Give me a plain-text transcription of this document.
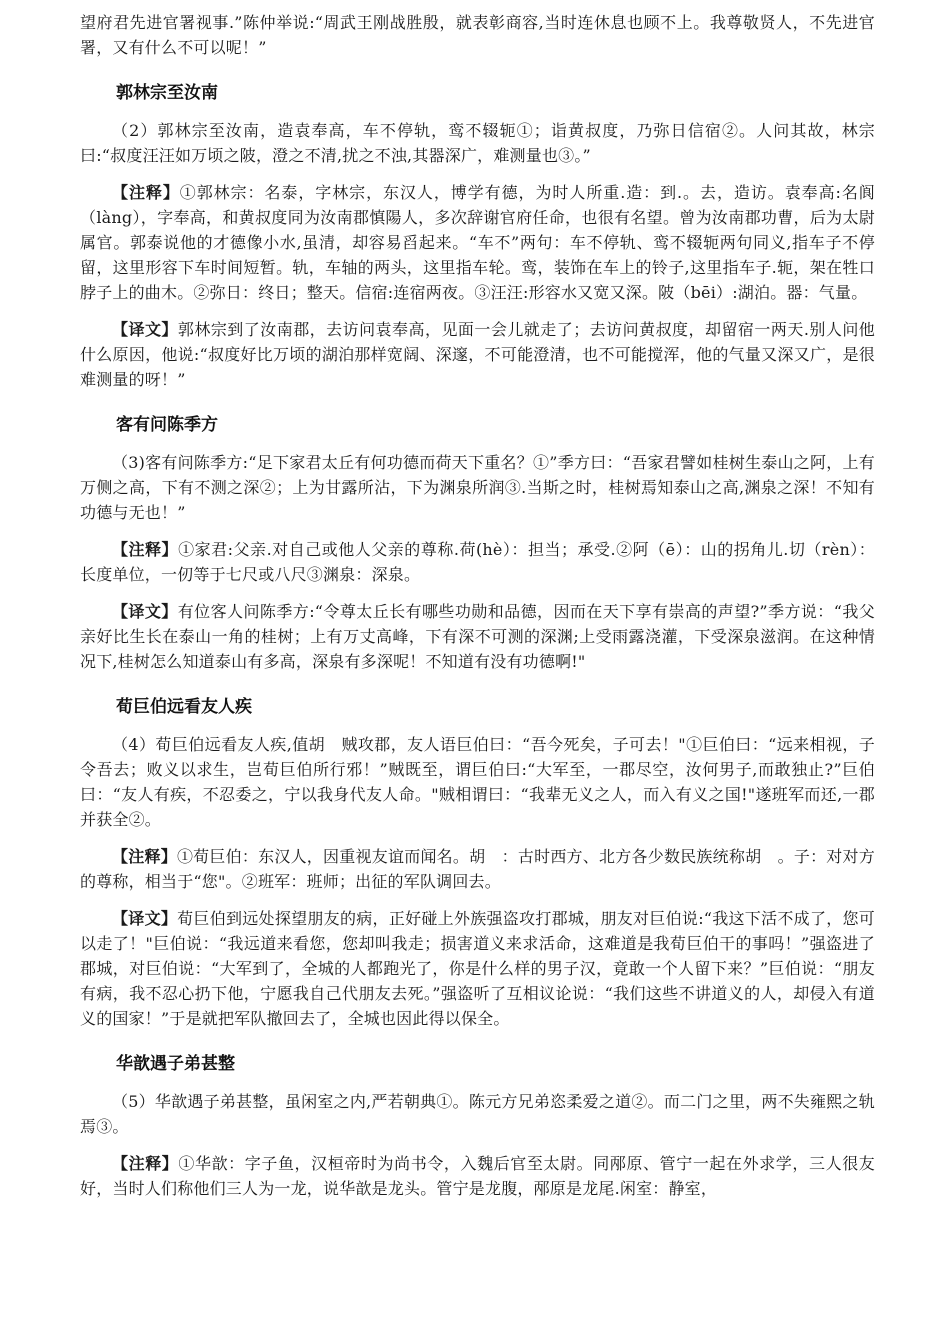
望府君先进官署视事.”陈仲举说:“周武王刚战胜殷，就表彰商容,当时连休息也顾不上。我尊敬贤人，不先进官署，又有什么不可以呢！”

郭林宗至汝南

（2）郭林宗至汝南，造袁奉高，车不停轨，鸾不辍轭①；诣黄叔度，乃弥日信宿②。人问其故，林宗曰:“叔度汪汪如万顷之陂，澄之不清,扰之不浊,其器深广，难测量也③。”

【注释】①郭林宗：名泰，字林宗，东汉人，博学有德，为时人所重.造：到.。去，造访。袁奉高:名阆（làng），字奉高，和黄叔度同为汝南郡慎陽人，多次辞谢官府任命，也很有名望。曾为汝南郡功曹，后为太尉属官。郭泰说他的才德像小水,虽清，却容易舀起来。“车不”两句：车不停轨、鸾不辍轭两句同义,指车子不停留，这里形容下车时间短暂。轨，车轴的两头，这里指车轮。鸾，装饰在车上的铃子,这里指车子.轭，架在牲口脖子上的曲木。②弥日：终日；整天。信宿:连宿两夜。③汪汪:形容水又宽又深。陂（bēi）:湖泊。器：气量。

【译文】郭林宗到了汝南郡，去访问袁奉高，见面一会儿就走了；去访问黄叔度，却留宿一两天.别人问他什么原因，他说:“叔度好比万顷的湖泊那样宽阔、深邃，不可能澄清，也不可能搅浑，他的气量又深又广，是很难测量的呀！”

客有问陈季方

（3)客有问陈季方:“足下家君太丘有何功德而荷天下重名？①”季方曰：“吾家君譬如桂树生泰山之阿，上有万侧之高，下有不测之深②；上为甘露所沾，下为渊泉所润③.当斯之时，桂树焉知泰山之高,渊泉之深！不知有功德与无也！”

【注释】①家君:父亲.对自己或他人父亲的尊称.荷(hè）：担当；承受.②阿（ē）：山的拐角儿.切（rèn）：长度单位，一仞等于七尺或八尺③渊泉：深泉。

【译文】有位客人问陈季方:“令尊太丘长有哪些功勋和品德，因而在天下享有崇高的声望?”季方说：“我父亲好比生长在泰山一角的桂树；上有万丈高峰，下有深不可测的深渊;上受雨露浇灌，下受深泉滋润。在这种情况下,桂树怎么知道泰山有多高，深泉有多深呢！不知道有没有功德啊!"

荀巨伯远看友人疾

（4）荀巨伯远看友人疾,值胡　贼攻郡，友人语巨伯曰：“吾今死矣，子可去！"①巨伯曰：“远来相视，子令吾去；败义以求生，岂荀巨伯所行邪！”贼既至，谓巨伯曰:“大军至，一郡尽空，汝何男子,而敢独止?”巨伯曰：“友人有疾，不忍委之，宁以我身代友人命。"贼相谓曰：“我辈无义之人，而入有义之国!"遂班军而还,一郡并获全②。

【注释】①荀巨伯：东汉人，因重视友谊而闻名。胡　：古时西方、北方各少数民族统称胡　。子：对对方的尊称，相当于“您"。②班军：班师；出征的军队调回去。

【译文】荀巨伯到远处探望朋友的病，正好碰上外族强盗攻打郡城，朋友对巨伯说:“我这下活不成了，您可以走了！"巨伯说：“我远道来看您，您却叫我走；损害道义来求活命，这难道是我荀巨伯干的事吗！”强盗进了郡城，对巨伯说：“大军到了，全城的人都跑光了，你是什么样的男子汉，竟敢一个人留下来？”巨伯说：“朋友有病，我不忍心扔下他，宁愿我自己代朋友去死。”强盗听了互相议论说：“我们这些不讲道义的人，却侵入有道义的国家！”于是就把军队撤回去了，全城也因此得以保全。

华歆遇子弟甚整

（5）华歆遇子弟甚整，虽闲室之内,严若朝典①。陈元方兄弟恣柔爱之道②。而二门之里，两不失雍熙之轨焉③。

【注释】①华歆：字子鱼，汉桓帝时为尚书令，入魏后官至太尉。同邴原、管宁一起在外求学，三人很友好，当时人们称他们三人为一龙，说华歆是龙头。管宁是龙腹，邴原是龙尾.闲室：静室，
